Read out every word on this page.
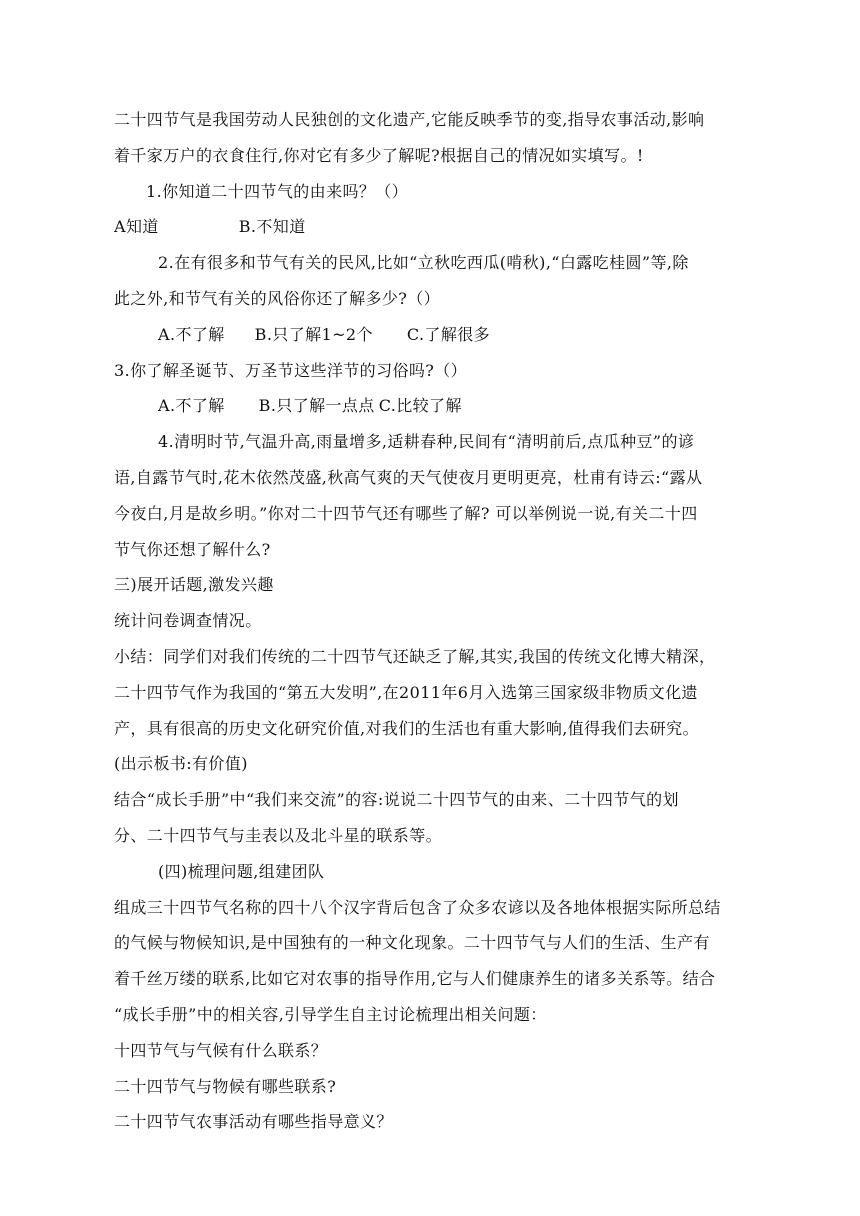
二十四节气是我国劳动人民独创的文化遗产,它能反映季节的变,指导农事活动,影响
着千家万户的衣食住行,你对它有多少了解呢?根据自己的情况如实填写。!
1.你知道二十四节气的由来吗？（）
A知道	B.不知道
2.在有很多和节气有关的民风,比如“立秋吃西瓜(啃秋),“白露吃桂圆”等,除
此之外,和节气有关的风俗你还了解多少?（）
A.不了解 B.只了解1~2个 C.了解很多
3.你了解圣诞节、万圣节这些洋节的习俗吗?（）
A.不了解 B.只了解一点点 C.比较了解
4.清明时节,气温升高,雨量增多,适耕春种,民间有“清明前后,点瓜种豆”的谚
语,自露节气时,花木依然茂盛,秋高气爽的天气使夜月更明更亮，杜甫有诗云:“露从
今夜白,月是故乡明。”你对二十四节气还有哪些了解? 可以举例说一说,有关二十四
节气你还想了解什么?
三)展开话题,激发兴趣
统计问卷调查情况。
小结：同学们对我们传统的二十四节气还缺乏了解,其实,我国的传统文化博大精深，
二十四节气作为我国的“第五大发明”,在2011年6月入选第三国家级非物质文化遗
产，具有很高的历史文化研究价值,对我们的生活也有重大影响,值得我们去研究。
(出示板书:有价值)
结合“成长手册”中“我们来交流”的容:说说二十四节气的由来、二十四节气的划
分、二十四节气与圭表以及北斗星的联系等。
(四)梳理问题,组建团队
组成三十四节气名称的四十八个汉字背后包含了众多农谚以及各地体根据实际所总结
的气候与物候知识,是中国独有的一种文化现象。二十四节气与人们的生活、生产有
着千丝万缕的联系,比如它对农事的指导作用,它与人们健康养生的诸多关系等。结合
“成长手册”中的相关容,引导学生自主讨论梳理出相关问题：
十四节气与气候有什么联系？
二十四节气与物候有哪些联系?
二十四节气农事活动有哪些指导意义？
